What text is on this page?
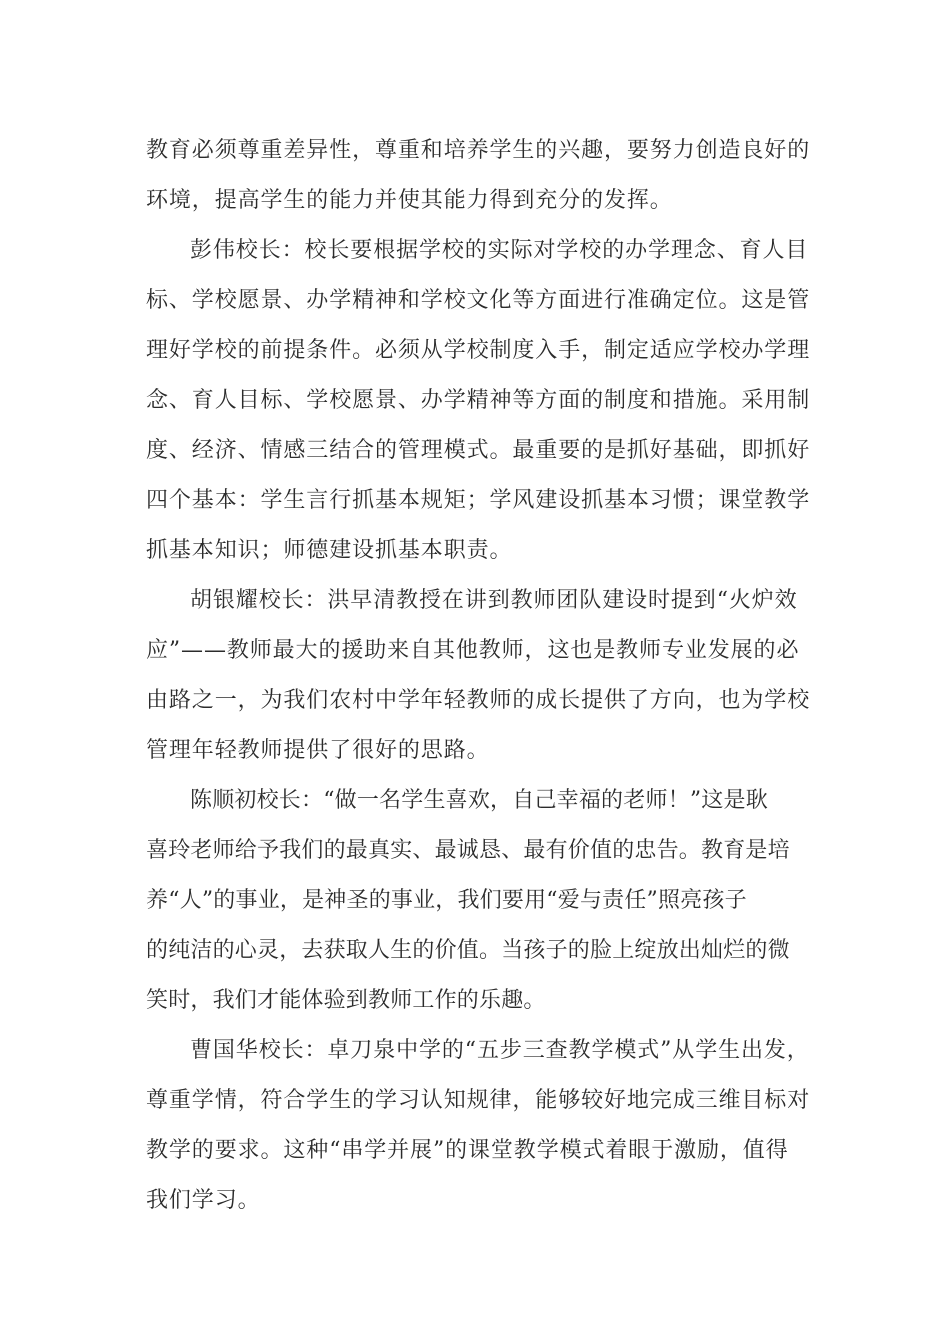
教育必须尊重差异性，尊重和培养学生的兴趣，要努力创造良好的
环境，提高学生的能力并使其能力得到充分的发挥。
彭伟校长：校长要根据学校的实际对学校的办学理念、育人目
标、学校愿景、办学精神和学校文化等方面进行准确定位。这是管
理好学校的前提条件。必须从学校制度入手，制定适应学校办学理
念、育人目标、学校愿景、办学精神等方面的制度和措施。采用制
度、经济、情感三结合的管理模式。最重要的是抓好基础，即抓好
四个基本：学生言行抓基本规矩；学风建设抓基本习惯；课堂教学
抓基本知识；师德建设抓基本职责。
胡银耀校长：洪早清教授在讲到教师团队建设时提到“火炉效
应”——教师最大的援助来自其他教师，这也是教师专业发展的必
由路之一，为我们农村中学年轻教师的成长提供了方向，也为学校
管理年轻教师提供了很好的思路。
陈顺初校长：“做一名学生喜欢，自己幸福的老师！”这是耿
喜玲老师给予我们的最真实、最诚恳、最有价值的忠告。教育是培
养“人”的事业，是神圣的事业，我们要用“爱与责任”照亮孩子
的纯洁的心灵，去获取人生的价值。当孩子的脸上绽放出灿烂的微
笑时，我们才能体验到教师工作的乐趣。
曹国华校长：卓刀泉中学的“五步三查教学模式”从学生出发，
尊重学情，符合学生的学习认知规律，能够较好地完成三维目标对
教学的要求。这种“串学并展”的课堂教学模式着眼于激励，值得
我们学习。
